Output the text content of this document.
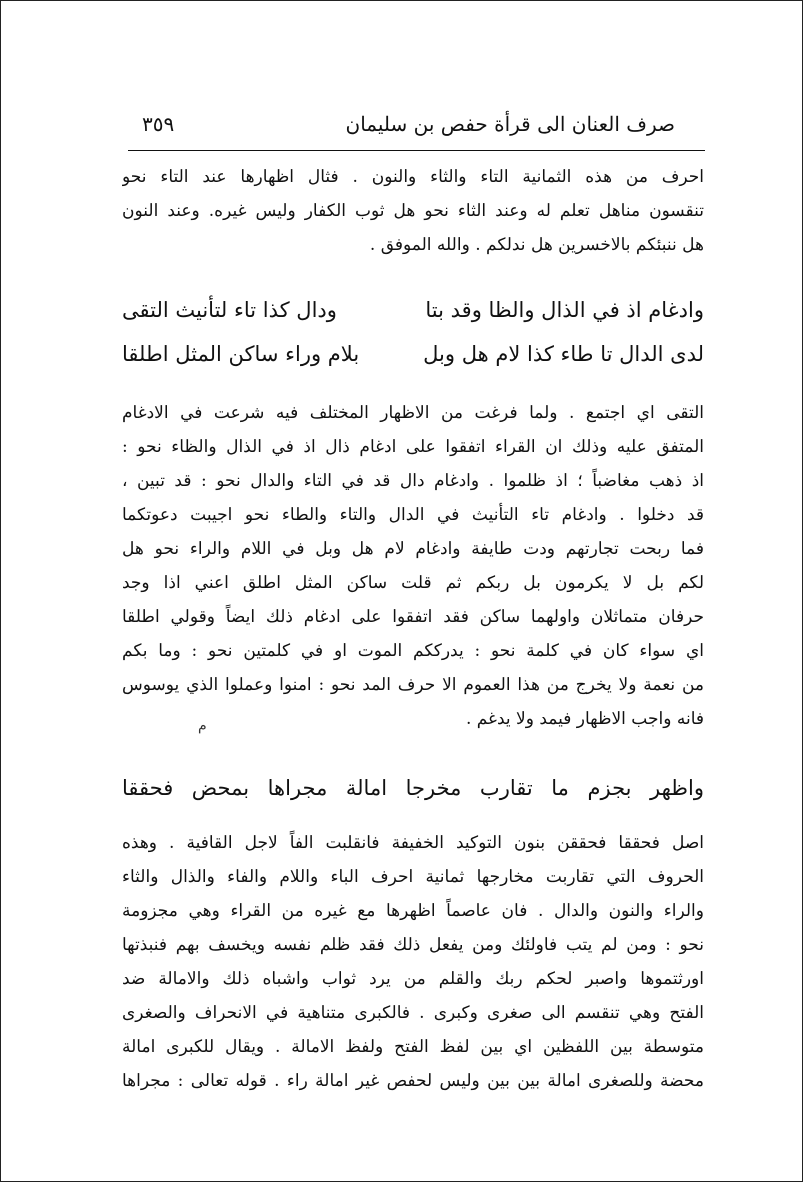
صرف العنان الى قرأة حفص بن سليمان
٣٥٩
احرف من هذه الثمانية التاء والثاء والنون . فثال اظهارها عند التاء نحو
تنقسون مناهل تعلم له وعند الثاء نحو هل ثوب الكفار وليس غيره. وعند النون
هل ننبئكم بالاخسرين هل ندلكم . والله الموفق .
وادغام اذ في الذال والظا وقد بتا
ودال كذا تاء لتأنيث التقى
لدى الدال تا طاء كذا لام هل وبل
بلام وراء ساكن المثل اطلقا
التقى اي اجتمع . ولما فرغت من الاظهار المختلف فيه شرعت في الادغام
المتفق عليه وذلك ان القراء اتفقوا على ادغام ذال اذ في الذال والظاء نحو :
اذ ذهب مغاضباً ؛ اذ ظلموا . وادغام دال قد في التاء والدال نحو : قد تبين ،
قد دخلوا . وادغام تاء التأنيث في الدال والتاء والطاء نحو اجيبت دعوتكما
فما ربحت تجارتهم ودت طايفة وادغام لام هل وبل في اللام والراء نحو هل
لكم بل لا يكرمون بل ربكم ثم قلت ساكن المثل اطلق اعني اذا وجد
حرفان متماثلان واولهما ساكن فقد اتفقوا على ادغام ذلك ايضاً وقولي اطلقا
اي سواء كان في كلمة نحو : يدرككم الموت او في كلمتين نحو : وما بكم
من نعمة ولا يخرج من هذا العموم الا حرف المد نحو : امنوا وعملوا الذي يوسوس
فانه واجب الاظهار فيمد ولا يدغم .
م
واظهر بجزم ما تقارب مخرجا امالة مجراها بمحض فحققا
اصل فحققا فحققن بنون التوكيد الخفيفة فانقلبت الفاً لاجل القافية . وهذه
الحروف التي تقاربت مخارجها ثمانية احرف الباء واللام والفاء والذال والثاء
والراء والنون والدال . فان عاصماً اظهرها مع غيره من القراء وهي مجزومة
نحو : ومن لم يتب فاولئك ومن يفعل ذلك فقد ظلم نفسه ويخسف بهم فنبذتها
اورثتموها واصبر لحكم ربك والقلم من يرد ثواب واشباه ذلك والامالة ضد
الفتح وهي تنقسم الى صغرى وكبرى . فالكبرى متناهية في الانحراف والصغرى
متوسطة بين اللفظين اي بين لفظ الفتح ولفظ الامالة . ويقال للكبرى امالة
محضة وللصغرى امالة بين بين وليس لحفص غير امالة راء . قوله تعالى : مجراها
